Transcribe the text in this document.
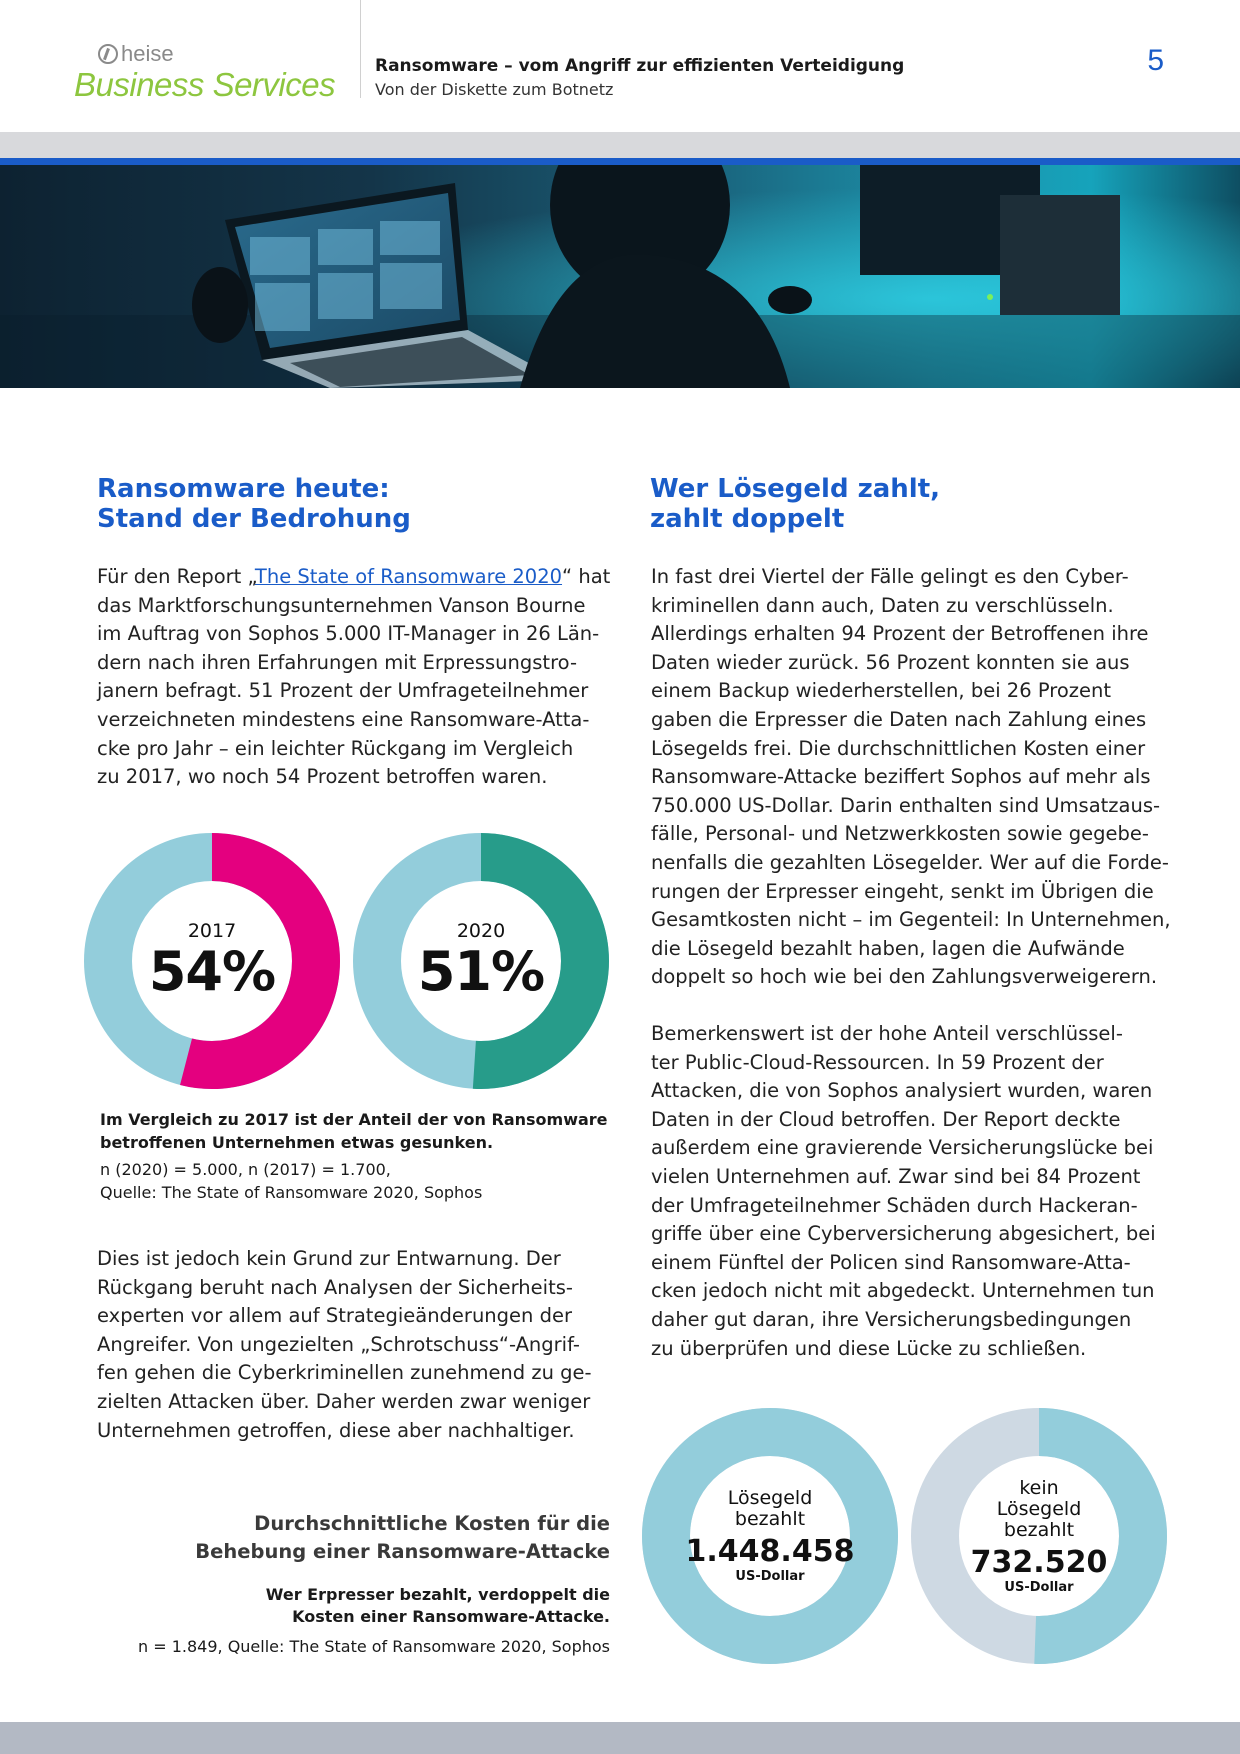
heise
Business Services Ransomware – vom Angriff zur effizienten Verteidigung
Von der Diskette zum Botnetz
5
Ransomware heute:
Stand der Bedrohung
Für den Report „The State of Ransomware 2020“ hat
das Marktforschungsunternehmen Vanson Bourne
im Auftrag von Sophos 5.000 IT-Manager in 26 Län-
dern nach ihren Erfahrungen mit Erpressungstro-
janern befragt. 51 Prozent der Umfrageteilnehmer
verzeichneten mindestens eine Ransomware-Atta-
cke pro Jahr – ein leichter Rückgang im Vergleich
zu 2017, wo noch 54 Prozent betroffen waren.
2017
54%
2020
51%
Im Vergleich zu 2017 ist der Anteil der von Ransomware
betroffenen Unternehmen etwas gesunken.
n (2020) = 5.000, n (2017) = 1.700,
Quelle: The State of Ransomware 2020, Sophos
Dies ist jedoch kein Grund zur Entwarnung. Der
Rückgang beruht nach Analysen der Sicherheits-
experten vor allem auf Strategieänderungen der
Angreifer. Von ungezielten „Schrotschuss“-Angrif-
fen gehen die Cyberkriminellen zunehmend zu ge-
zielten Attacken über. Daher werden zwar weniger
Unternehmen getroffen, diese aber nachhaltiger.
Durchschnittliche Kosten für die
Behebung einer Ransomware-Attacke
Wer Erpresser bezahlt, verdoppelt die
Kosten einer Ransomware-Attacke.
n = 1.849, Quelle: The State of Ransomware 2020, Sophos
Wer Lösegeld zahlt,
zahlt doppelt
In fast drei Viertel der Fälle gelingt es den Cyber-
kriminellen dann auch, Daten zu verschlüsseln.
Allerdings erhalten 94 Prozent der Betroffenen ihre
Daten wieder zurück. 56 Prozent konnten sie aus
einem Backup wiederherstellen, bei 26 Prozent
gaben die Erpresser die Daten nach Zahlung eines
Lösegelds frei. Die durchschnittlichen Kosten einer
Ransomware-Attacke beziffert Sophos auf mehr als
750.000 US-Dollar. Darin enthalten sind Umsatzaus-
fälle, Personal- und Netzwerkkosten sowie gegebe-
nenfalls die gezahlten Lösegelder. Wer auf die Forde-
rungen der Erpresser eingeht, senkt im Übrigen die
Gesamtkosten nicht – im Gegenteil: In Unternehmen,
die Lösegeld bezahlt haben, lagen die Aufwände
doppelt so hoch wie bei den Zahlungsverweigerern.
Bemerkenswert ist der hohe Anteil verschlüssel-
ter Public-Cloud-Ressourcen. In 59 Prozent der
Attacken, die von Sophos analysiert wurden, waren
Daten in der Cloud betroffen. Der Report deckte
außerdem eine gravierende Versicherungslücke bei
vielen Unternehmen auf. Zwar sind bei 84 Prozent
der Umfrageteilnehmer Schäden durch Hackeran-
griffe über eine Cyberversicherung abgesichert, bei
einem Fünftel der Policen sind Ransomware-Atta-
cken jedoch nicht mit abgedeckt. Unternehmen tun
daher gut daran, ihre Versicherungsbedingungen
zu überprüfen und diese Lücke zu schließen.
Lösegeld
bezahlt
1.448.458
US-Dollar
kein
Lösegeld
bezahlt
732.520
US-Dollar
